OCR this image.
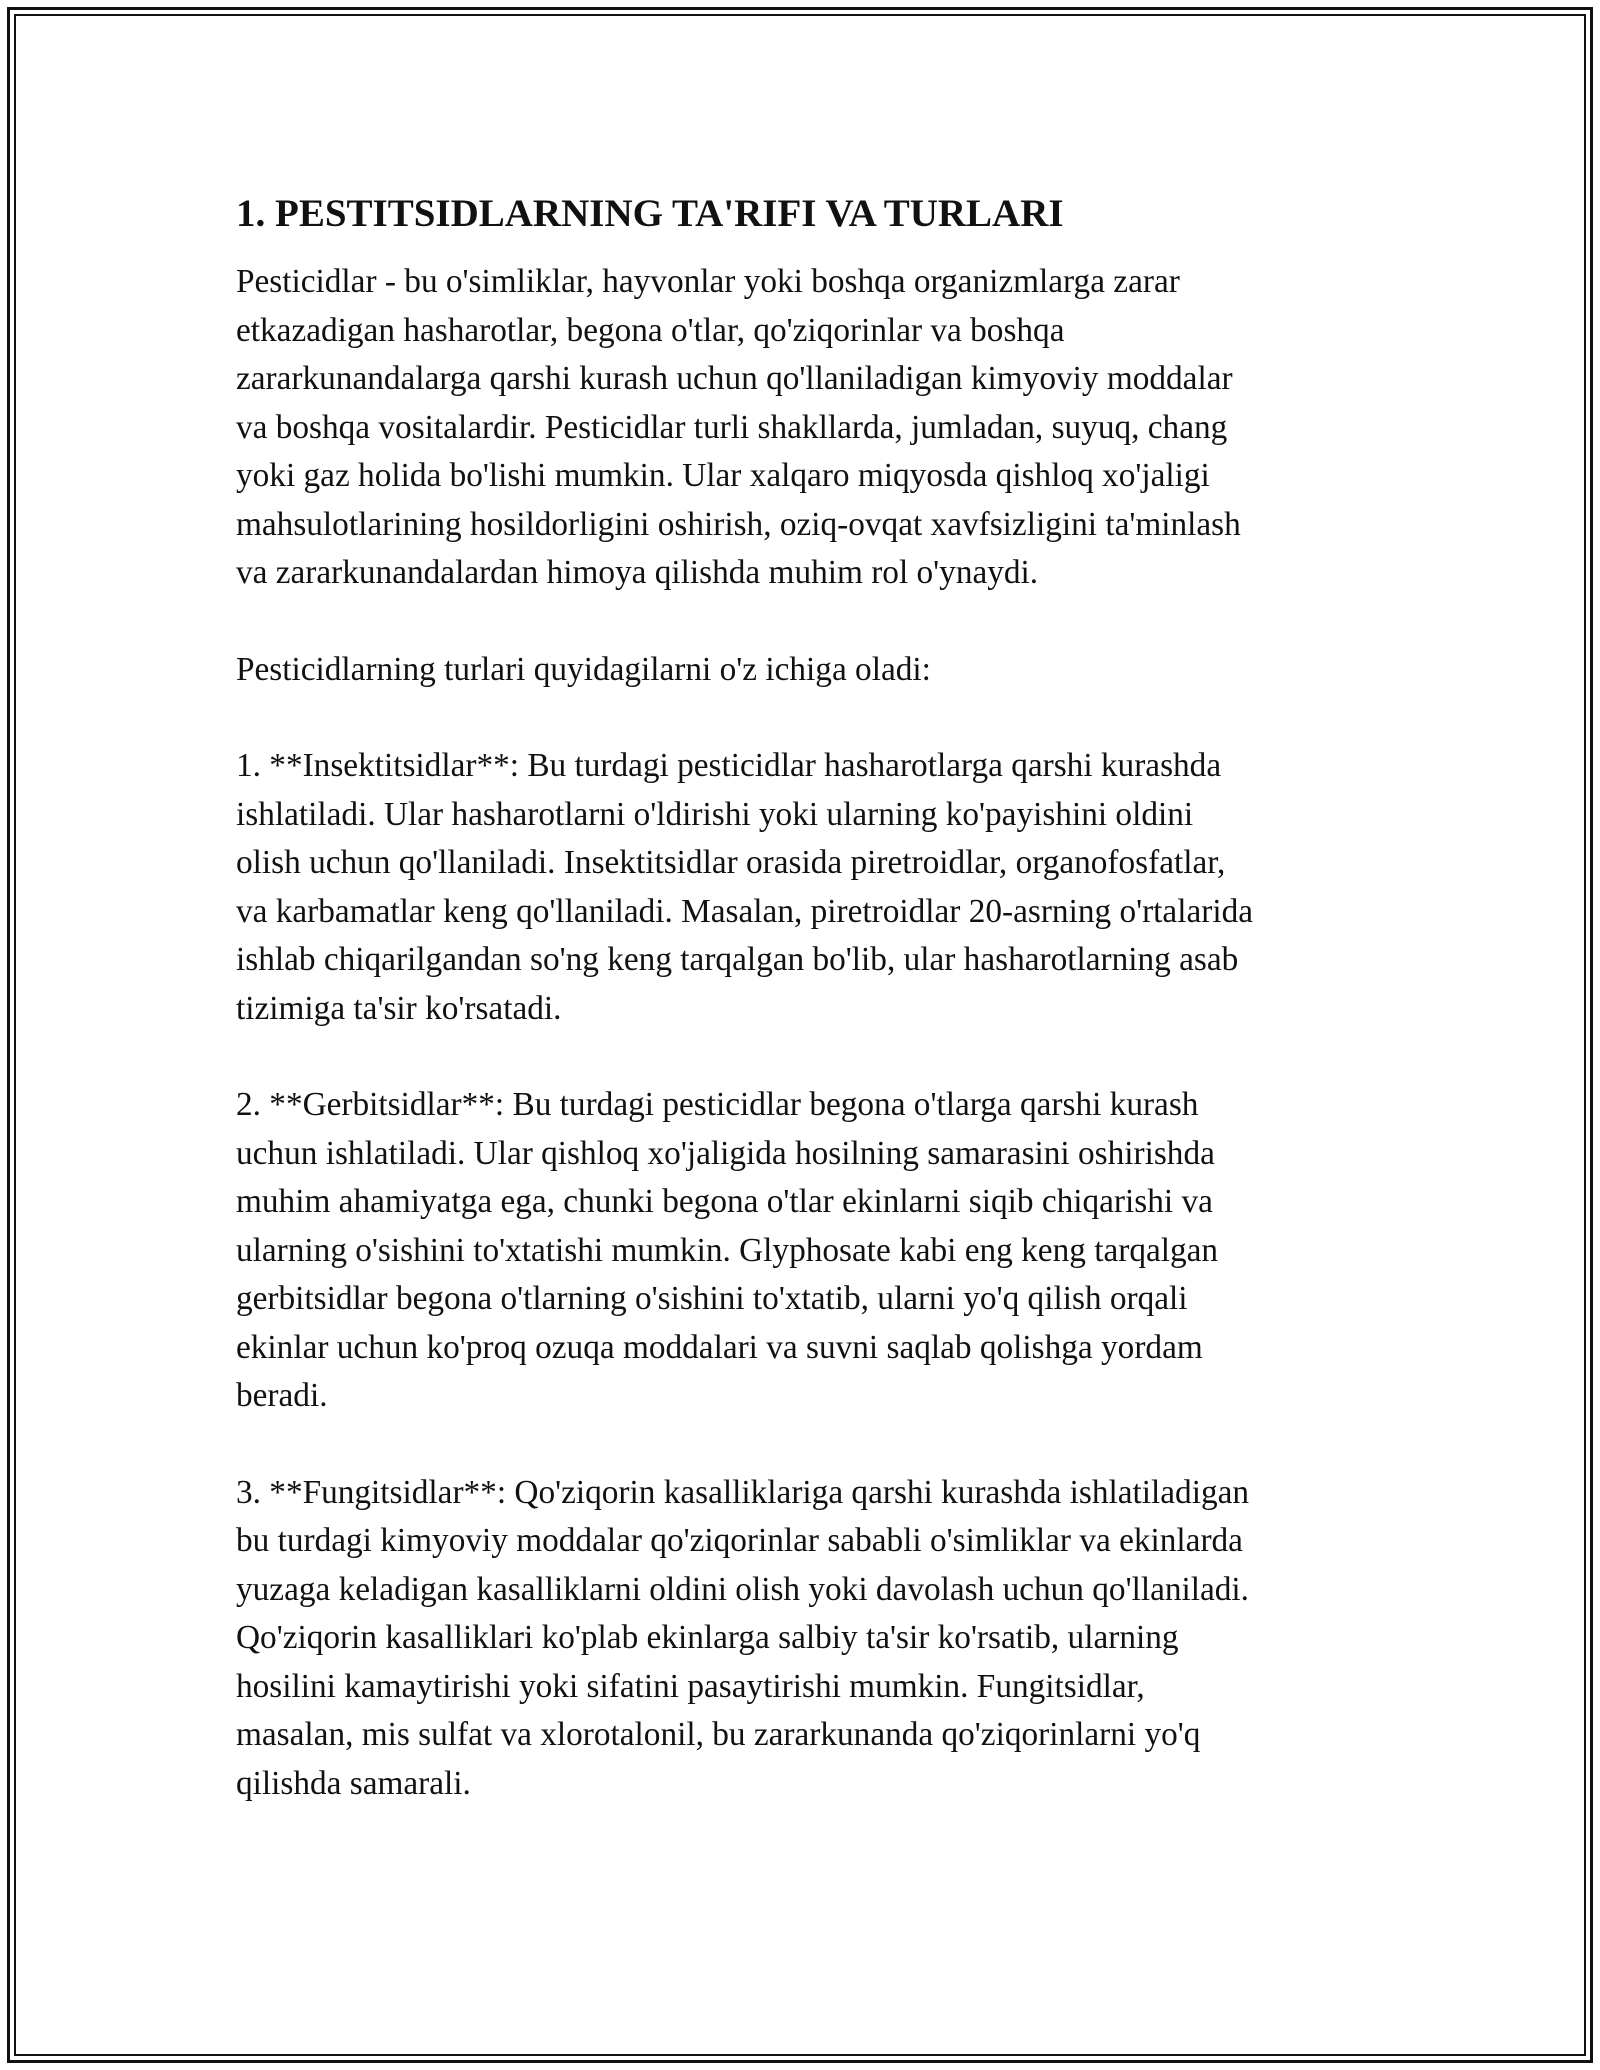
1. PESTITSIDLARNING TA'RIFI VA TURLARI

Pesticidlar - bu o'simliklar, hayvonlar yoki boshqa organizmlarga zarar
etkazadigan hasharotlar, begona o'tlar, qo'ziqorinlar va boshqa
zararkunandalarga qarshi kurash uchun qo'llaniladigan kimyoviy moddalar
va boshqa vositalardir. Pesticidlar turli shakllarda, jumladan, suyuq, chang
yoki gaz holida bo'lishi mumkin. Ular xalqaro miqyosda qishloq xo'jaligi
mahsulotlarining hosildorligini oshirish, oziq-ovqat xavfsizligini ta'minlash
va zararkunandalardan himoya qilishda muhim rol o'ynaydi.

Pesticidlarning turlari quyidagilarni o'z ichiga oladi:

1. **Insektitsidlar**: Bu turdagi pesticidlar hasharotlarga qarshi kurashda
ishlatiladi. Ular hasharotlarni o'ldirishi yoki ularning ko'payishini oldini
olish uchun qo'llaniladi. Insektitsidlar orasida piretroidlar, organofosfatlar,
va karbamatlar keng qo'llaniladi. Masalan, piretroidlar 20-asrning o'rtalarida
ishlab chiqarilgandan so'ng keng tarqalgan bo'lib, ular hasharotlarning asab
tizimiga ta'sir ko'rsatadi.

2. **Gerbitsidlar**: Bu turdagi pesticidlar begona o'tlarga qarshi kurash
uchun ishlatiladi. Ular qishloq xo'jaligida hosilning samarasini oshirishda
muhim ahamiyatga ega, chunki begona o'tlar ekinlarni siqib chiqarishi va
ularning o'sishini to'xtatishi mumkin. Glyphosate kabi eng keng tarqalgan
gerbitsidlar begona o'tlarning o'sishini to'xtatib, ularni yo'q qilish orqali
ekinlar uchun ko'proq ozuqa moddalari va suvni saqlab qolishga yordam
beradi.

3. **Fungitsidlar**: Qo'ziqorin kasalliklariga qarshi kurashda ishlatiladigan
bu turdagi kimyoviy moddalar qo'ziqorinlar sababli o'simliklar va ekinlarda
yuzaga keladigan kasalliklarni oldini olish yoki davolash uchun qo'llaniladi.
Qo'ziqorin kasalliklari ko'plab ekinlarga salbiy ta'sir ko'rsatib, ularning
hosilini kamaytirishi yoki sifatini pasaytirishi mumkin. Fungitsidlar,
masalan, mis sulfat va xlorotalonil, bu zararkunanda qo'ziqorinlarni yo'q
qilishda samarali.
